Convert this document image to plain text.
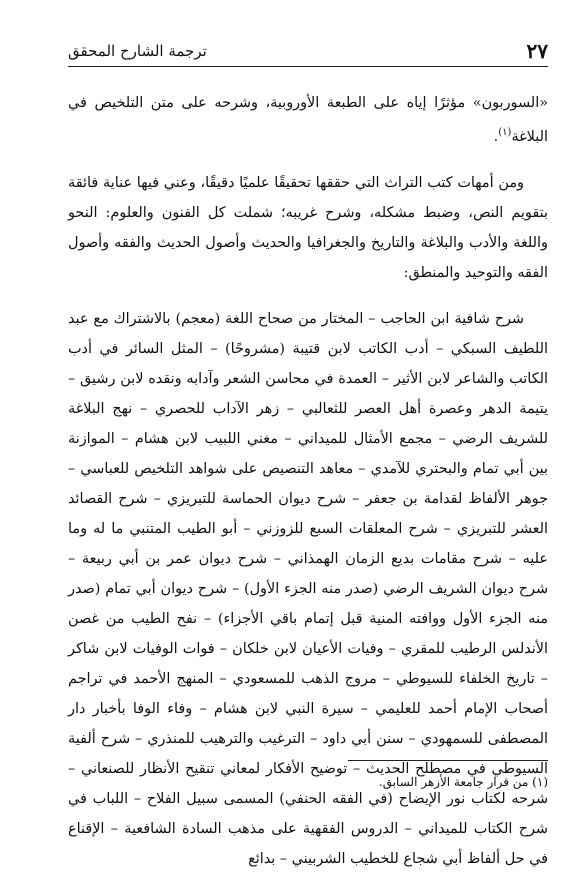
٢٧
ترجمة الشارح المحقق

«السوربون» مؤثرًا إياه على الطبعة الأوروبية، وشرحه على متن التلخيص في البلاغة$^{(١)}$.

ومن أمهات كتب التراث التي حققها تحقيقًا علميًا دقيقًا، وعني فيها عناية فائقة بتقويم النص، وضبط مشكله، وشرح غريبه؛ شملت كل الفنون والعلوم: النحو واللغة والأدب والبلاغة والتاريخ والجغرافيا والحديث وأصول الحديث والفقه وأصول الفقه والتوحيد والمنطق:

شرح شافية ابن الحاجب – المختار من صحاح اللغة (معجم) بالاشتراك مع عبد اللطيف السبكي – أدب الكاتب لابن قتيبة (مشروحًا) – المثل السائر في أدب الكاتب والشاعر لابن الأثير – العمدة في محاسن الشعر وآدابه ونقده لابن رشيق – يتيمة الدهر وعصرة أهل العصر للثعالبي – زهر الآداب للحصري – نهج البلاغة للشريف الرضي – مجمع الأمثال للميداني – مغني اللبيب لابن هشام – الموازنة بين أبي تمام والبحتري للآمدي – معاهد التنصيص على شواهد التلخيص للعباسي – جوهر الألفاظ لقدامة بن جعفر – شرح ديوان الحماسة للتبريزي – شرح القصائد العشر للتبريزي – شرح المعلقات السبع للزوزني – أبو الطيب المتنبي ما له وما عليه – شرح مقامات بديع الزمان الهمذاني – شرح ديوان عمر بن أبي ربيعة – شرح ديوان الشريف الرضي (صدر منه الجزء الأول) – شرح ديوان أبي تمام (صدر منه الجزء الأول ووافته المنية قبل إتمام باقي الأجزاء) – نفح الطيب من غصن الأندلس الرطيب للمقري – وفيات الأعيان لابن خلكان – فوات الوفيات لابن شاكر – تاريخ الخلفاء للسيوطي – مروج الذهب للمسعودي – المنهج الأحمد في تراجم أصحاب الإمام أحمد للعليمي – سيرة النبي لابن هشام – وفاء الوفا بأخبار دار المصطفى للسمهودي – سنن أبي داود – الترغيب والترهيب للمنذري – شرح ألفية السيوطي في مصطلح الحديث – توضيح الأفكار لمعاني تنقيح الأنظار للصنعاني – شرحه لكتاب نور الإيضاح (في الفقه الحنفي) المسمى سبيل الفلاح – اللباب في شرح الكتاب للميداني – الدروس الفقهية على مذهب السادة الشافعية – الإقناع في حل ألفاظ أبي شجاع للخطيب الشربيني – بدائع

(١) من قرار جامعة الأزهر السابق.
